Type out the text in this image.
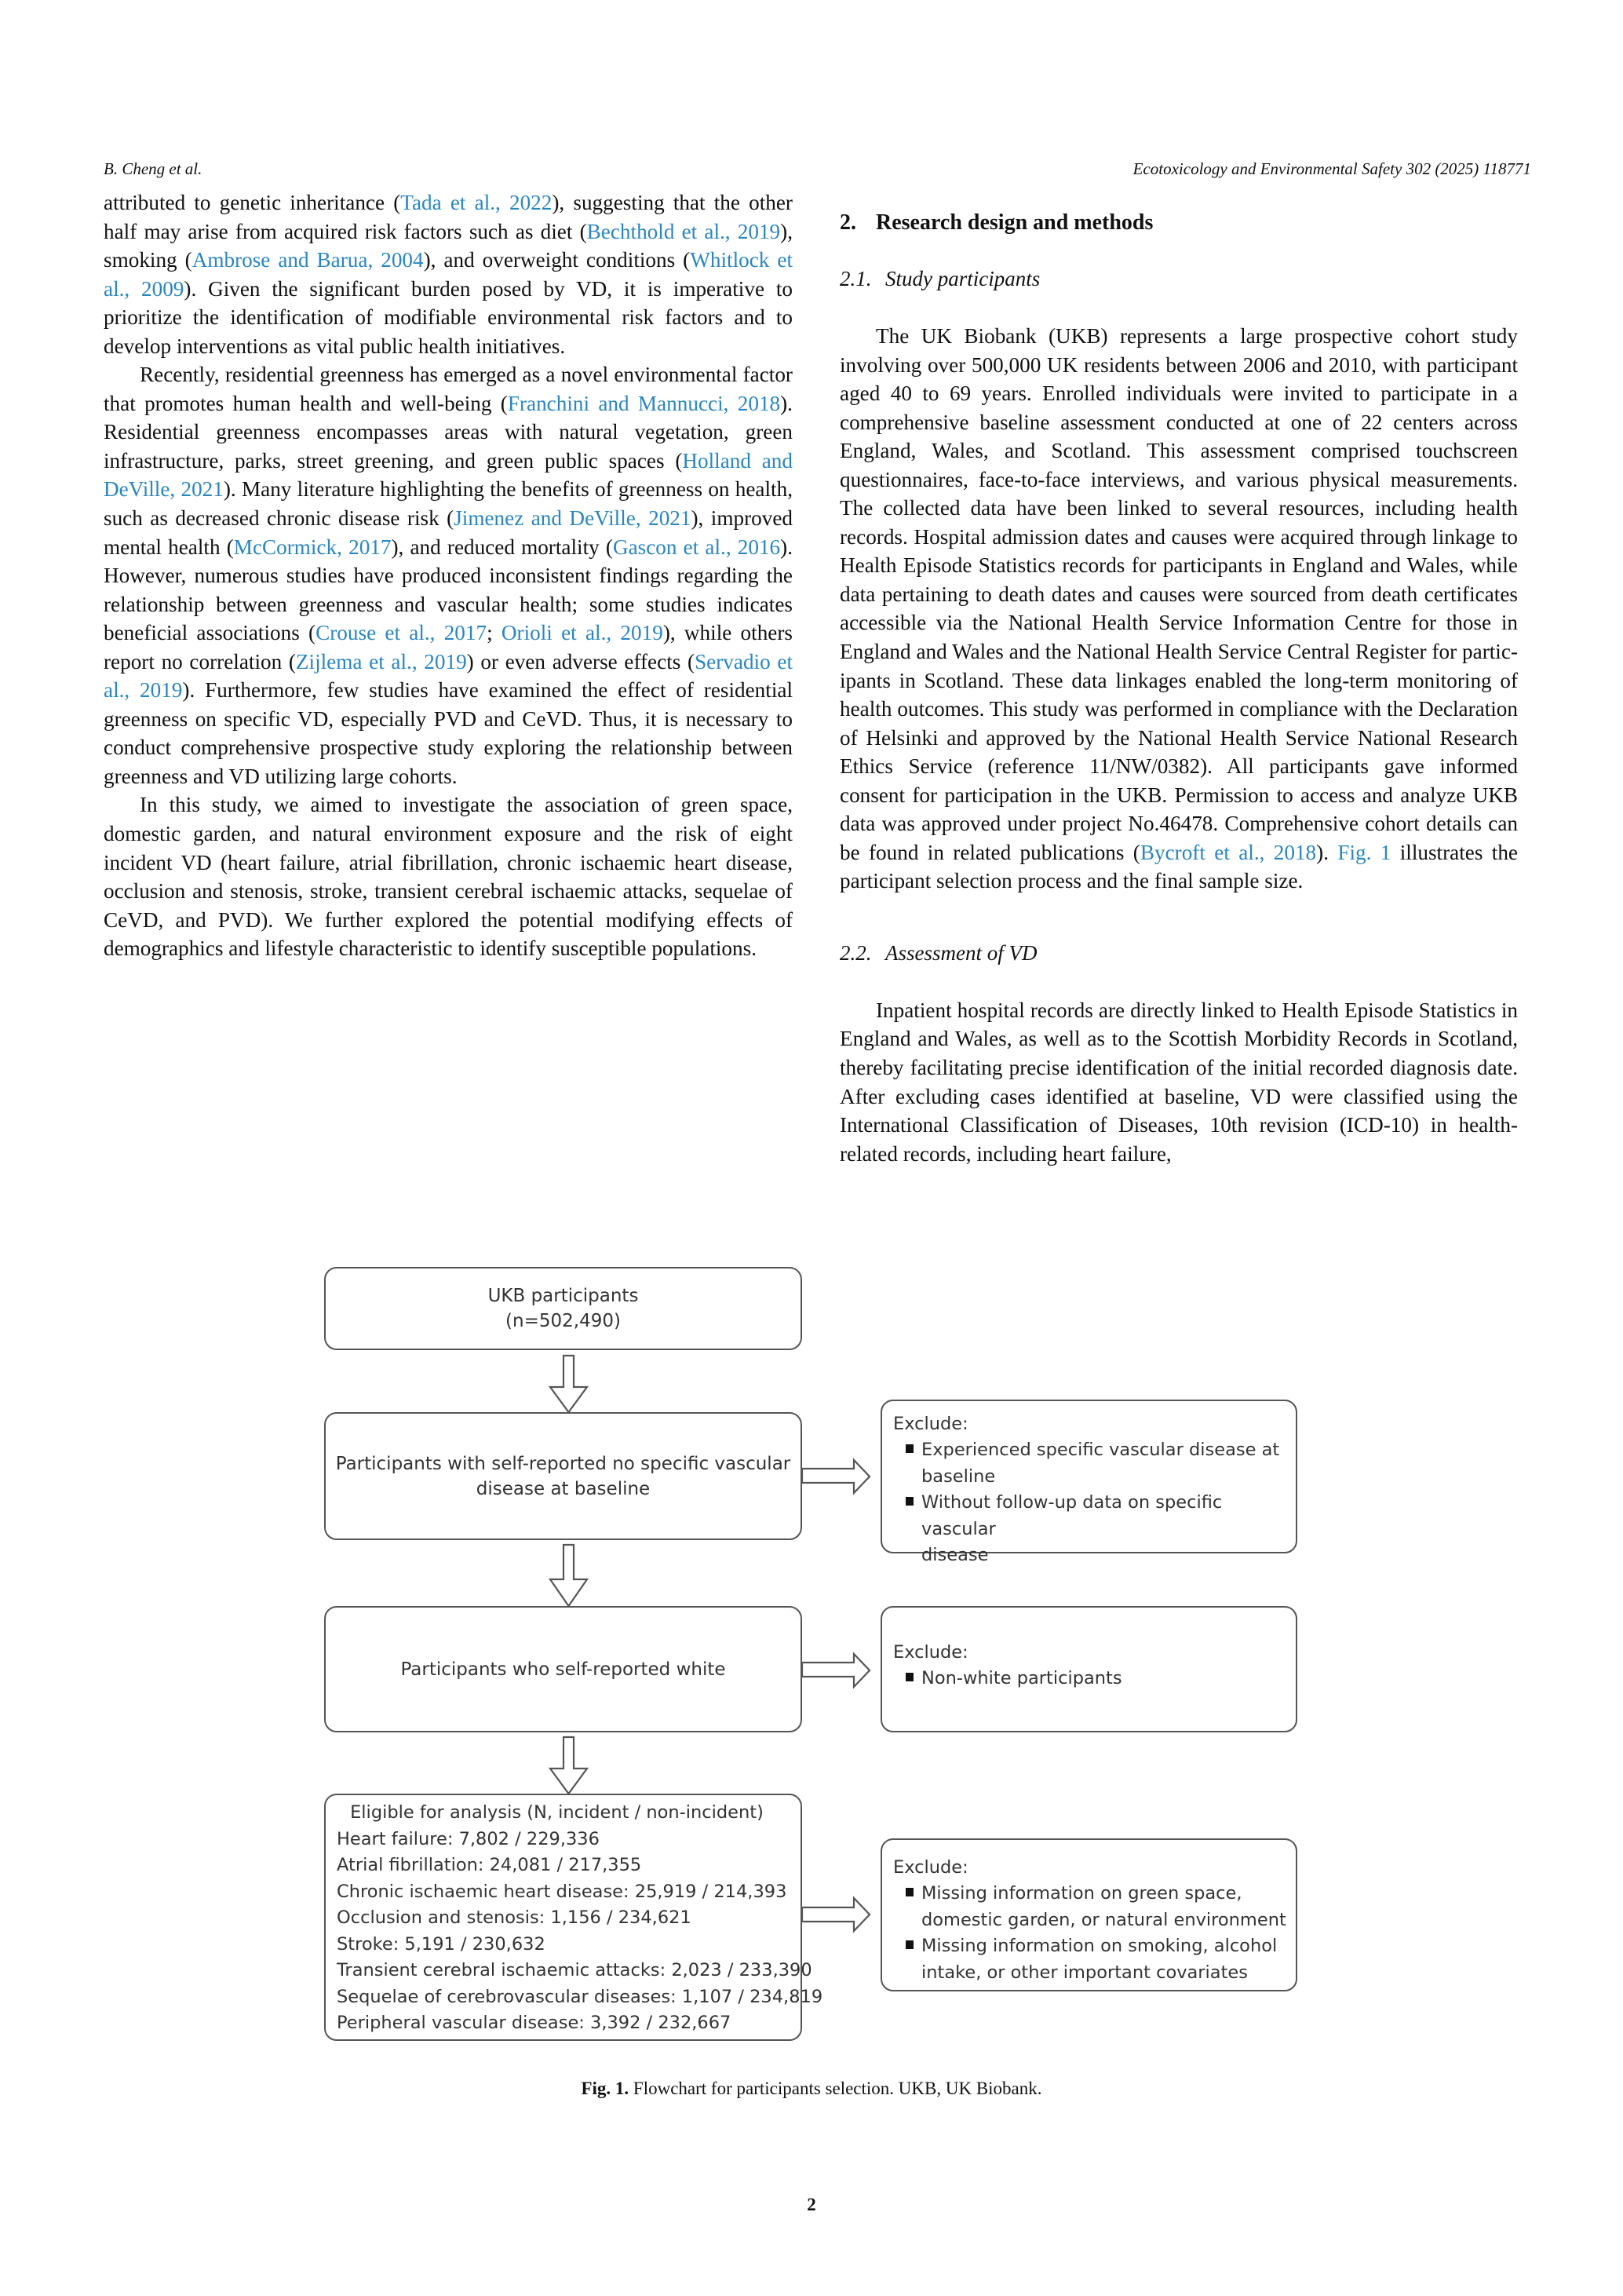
B. Cheng et al.	Ecotoxicology and Environmental Safety 302 (2025) 118771

attributed to genetic inheritance (Tada et al., 2022), suggesting that the other half may arise from acquired risk factors such as diet (Bechthold et al., 2019), smoking (Ambrose and Barua, 2004), and overweight conditions (Whitlock et al., 2009). Given the significant burden posed by VD, it is imperative to prioritize the identification of modifiable environmental risk factors and to develop interventions as vital public health initiatives.

Recently, residential greenness has emerged as a novel environmental factor that promotes human health and well-being (Franchini and Mannucci, 2018). Residential greenness encompasses areas with natural vegetation, green infrastructure, parks, street greening, and green public spaces (Holland and DeVille, 2021). Many literature highlighting the benefits of greenness on health, such as decreased chronic disease risk (Jimenez and DeVille, 2021), improved mental health (McCormick, 2017), and reduced mortality (Gascon et al., 2016). However, numerous studies have produced inconsistent findings regarding the relationship between greenness and vascular health; some studies indicates beneficial associations (Crouse et al., 2017; Orioli et al., 2019), while others report no correlation (Zijlema et al., 2019) or even adverse effects (Servadio et al., 2019). Furthermore, few studies have examined the effect of residential greenness on specific VD, especially PVD and CeVD. Thus, it is necessary to conduct comprehensive prospective study exploring the relationship between greenness and VD utilizing large cohorts.

In this study, we aimed to investigate the association of green space, domestic garden, and natural environment exposure and the risk of eight incident VD (heart failure, atrial fibrillation, chronic ischaemic heart disease, occlusion and stenosis, stroke, transient cerebral ischaemic attacks, sequelae of CeVD, and PVD). We further explored the potential modifying effects of demographics and lifestyle characteristic to identify susceptible populations.

2. Research design and methods
2.1. Study participants

The UK Biobank (UKB) represents a large prospective cohort study involving over 500,000 UK residents between 2006 and 2010, with participant aged 40 to 69 years. Enrolled individuals were invited to participate in a comprehensive baseline assessment conducted at one of 22 centers across England, Wales, and Scotland. This assessment comprised touchscreen questionnaires, face-to-face interviews, and various physical measurements. The collected data have been linked to several resources, including health records. Hospital admission dates and causes were acquired through linkage to Health Episode Statistics records for participants in England and Wales, while data pertaining to death dates and causes were sourced from death certificates accessible via the National Health Service Information Centre for those in England and Wales and the National Health Service Central Register for participants in Scotland. These data linkages enabled the long-term monitoring of health outcomes. This study was performed in compliance with the Declaration of Helsinki and approved by the National Health Service National Research Ethics Service (reference 11/NW/0382). All participants gave informed consent for participation in the UKB. Permission to access and analyze UKB data was approved under project No.46478. Comprehensive cohort details can be found in related publications (Bycroft et al., 2018). Fig. 1 illustrates the participant selection process and the final sample size.

2.2. Assessment of VD

Inpatient hospital records are directly linked to Health Episode Statistics in England and Wales, as well as to the Scottish Morbidity Records in Scotland, thereby facilitating precise identification of the initial recorded diagnosis date. After excluding cases identified at baseline, VD were classified using the International Classification of Diseases, 10th revision (ICD-10) in health-related records, including heart failure,

UKB participants
(n=502,490)
Participants with self-reported no specific vascular
disease at baseline
Participants who self-reported white
Eligible for analysis (N, incident / non-incident)
Heart failure: 7,802 / 229,336
Atrial fibrillation: 24,081 / 217,355
Chronic ischaemic heart disease: 25,919 / 214,393
Occlusion and stenosis: 1,156 / 234,621
Stroke: 5,191 / 230,632
Transient cerebral ischaemic attacks: 2,023 / 233,390
Sequelae of cerebrovascular diseases: 1,107 / 234,819
Peripheral vascular disease: 3,392 / 232,667
Exclude:
Experienced specific vascular disease at
baseline
Without follow-up data on specific vascular
disease
Exclude:
Non-white participants
Exclude:
Missing information on green space,
domestic garden, or natural environment
Missing information on smoking, alcohol
intake, or other important covariates
Fig. 1. Flowchart for participants selection. UKB, UK Biobank.
2
